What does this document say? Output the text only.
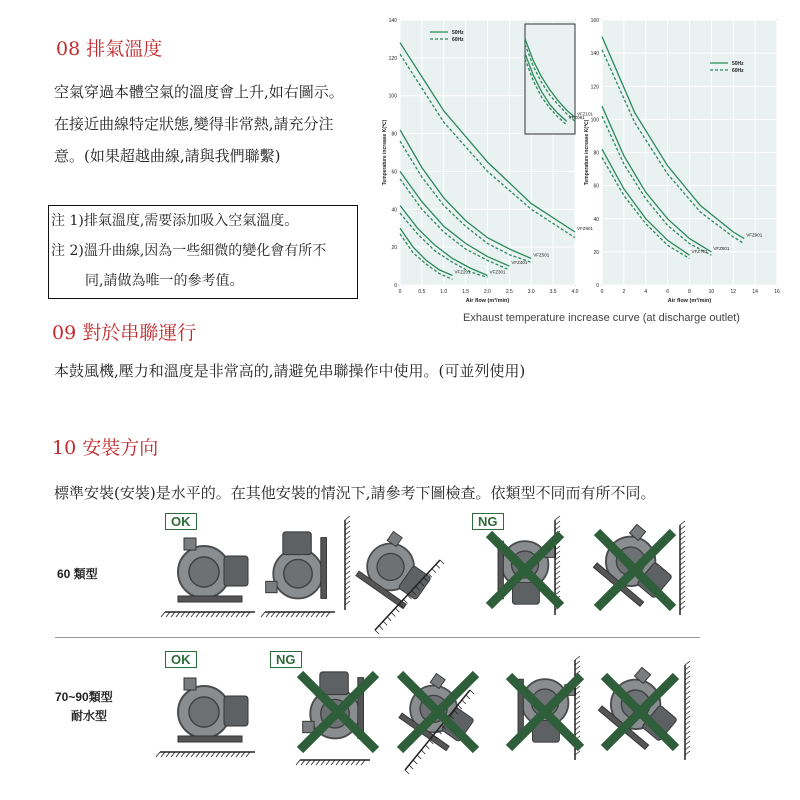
08 排氣溫度
空氣穿過本體空氣的溫度會上升,如右圖示。
在接近曲線特定狀態,變得非常熱,請充分注
意。(如果超越曲線,請與我們聯繫)
注 1)排氣溫度,需要添加吸入空氣溫度。
注 2)溫升曲線,因為一些細微的變化會有所不
同,請做為唯一的參考值。	0
20
40
60
80
100
120
140
0	0.5	1.0	1.5	2.0	2.5	3.0	3.5	4.0
VFZ801
VFZ501
VFZ401
VFZ301
VFZ201
Air flow (m³/min)
Temperature increase K(℃)
50Hz
60Hz
VFZ101
VFZ081
0
20
40
60
80
100
120
140
160
0	2	4	6	8	10	12	14	16
VFZ901
VFZ801
VFZ701
Air flow (m³/min)
Temperature increase K(℃)
50Hz
60Hz
Exhaust temperature increase curve (at discharge outlet)
09 對於串聯運行
本鼓風機,壓力和溫度是非常高的,請避免串聯操作中使用。(可並列使用)
10 安裝方向
標準安裝(安裝)是水平的。在其他安裝的情況下,請參考下圖檢查。依類型不同而有所不同。
60 類型
OK	NG
70~90類型
耐水型
OK	NG
